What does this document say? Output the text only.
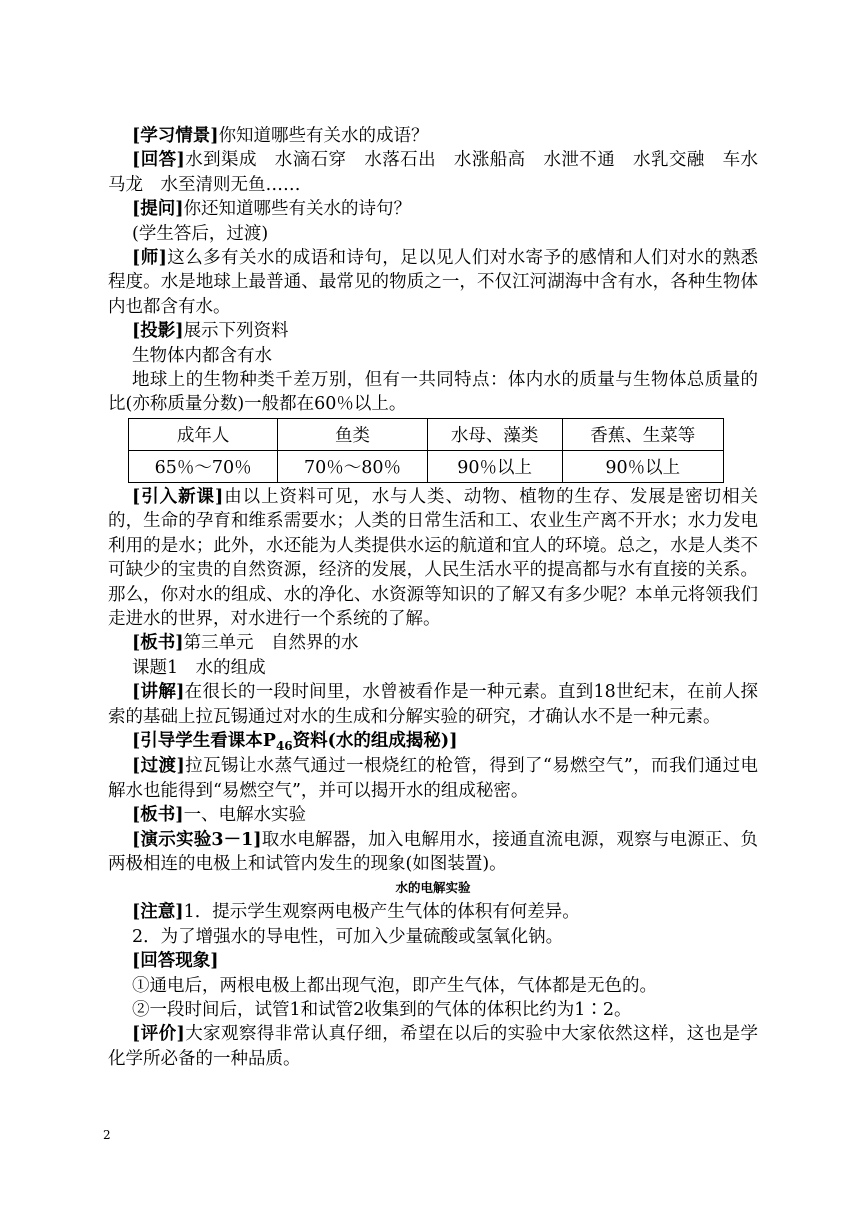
[学习情景]你知道哪些有关水的成语？

[回答]水到渠成　水滴石穿　水落石出　水涨船高　水泄不通　水乳交融　车水马龙　水至清则无鱼……

[提问]你还知道哪些有关水的诗句？

(学生答后，过渡)

[师]这么多有关水的成语和诗句，足以见人们对水寄予的感情和人们对水的熟悉程度。水是地球上最普通、最常见的物质之一，不仅江河湖海中含有水，各种生物体内也都含有水。

[投影]展示下列资料

生物体内都含有水

地球上的生物种类千差万别，但有一共同特点：体内水的质量与生物体总质量的比(亦称质量分数)一般都在60％以上。

成年人	鱼类	水母、藻类	香蕉、生菜等
65％～70％	70％～80％	90％以上	90％以上

[引入新课]由以上资料可见，水与人类、动物、植物的生存、发展是密切相关的，生命的孕育和维系需要水；人类的日常生活和工、农业生产离不开水；水力发电利用的是水；此外，水还能为人类提供水运的航道和宜人的环境。总之，水是人类不可缺少的宝贵的自然资源，经济的发展，人民生活水平的提高都与水有直接的关系。那么，你对水的组成、水的净化、水资源等知识的了解又有多少呢？本单元将领我们走进水的世界，对水进行一个系统的了解。

[板书]第三单元　自然界的水

课题1　水的组成

[讲解]在很长的一段时间里，水曾被看作是一种元素。直到18世纪末，在前人探索的基础上拉瓦锡通过对水的生成和分解实验的研究，才确认水不是一种元素。

[引导学生看课本$P_{46}$资料(水的组成揭秘)]

[过渡]拉瓦锡让水蒸气通过一根烧红的枪管，得到了“易燃空气”，而我们通过电解水也能得到“易燃空气”，并可以揭开水的组成秘密。

[板书]一、电解水实验

[演示实验3－1]取水电解器，加入电解用水，接通直流电源，观察与电源正、负两极相连的电极上和试管内发生的现象(如图装置)。

水的电解实验

[注意]1．提示学生观察两电极产生气体的体积有何差异。

2．为了增强水的导电性，可加入少量硫酸或氢氧化钠。

[回答现象]

①通电后，两根电极上都出现气泡，即产生气体，气体都是无色的。

②一段时间后，试管1和试管2收集到的气体的体积比约为1∶2。

[评价]大家观察得非常认真仔细，希望在以后的实验中大家依然这样，这也是学化学所必备的一种品质。

2
